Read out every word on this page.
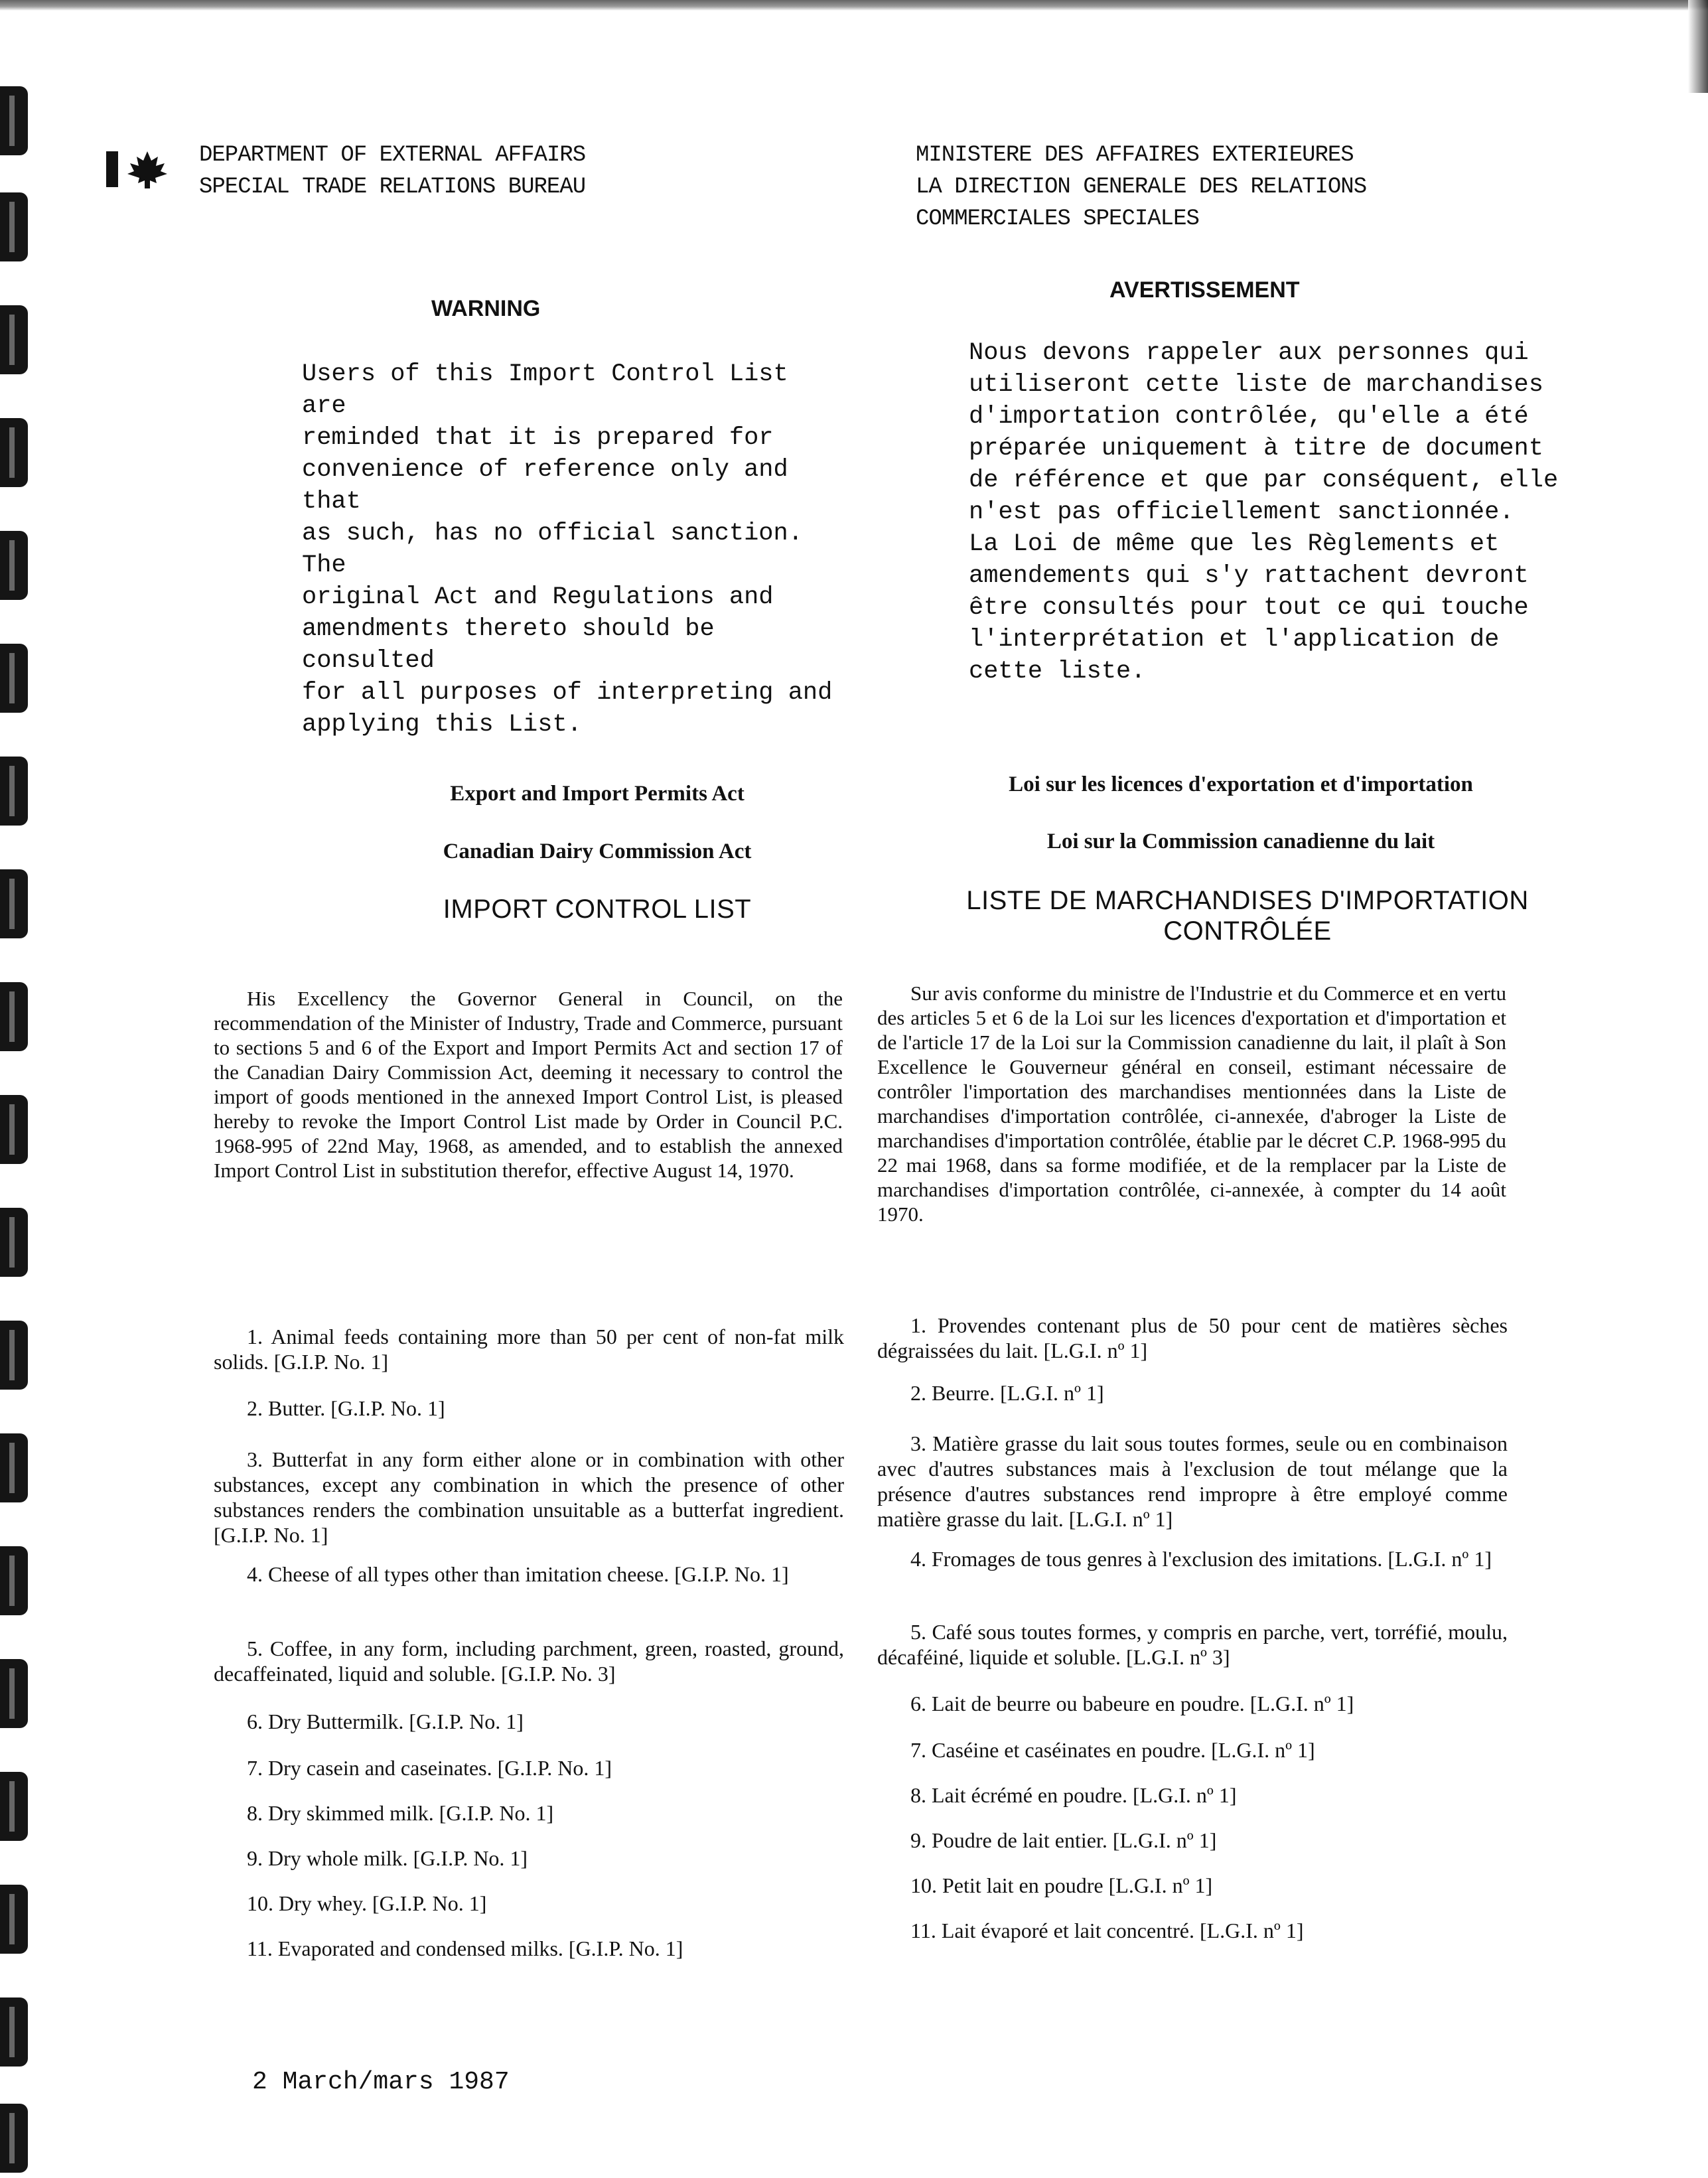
DEPARTMENT OF EXTERNAL AFFAIRS
SPECIAL TRADE RELATIONS BUREAU
MINISTERE DES AFFAIRES EXTERIEURES
LA DIRECTION GENERALE DES RELATIONS
COMMERCIALES SPECIALES
WARNING
Users of this Import Control List are
reminded that it is prepared for
convenience of reference only and that
as such, has no official sanction. The
original Act and Regulations and
amendments thereto should be consulted
for all purposes of interpreting and
applying this List.
AVERTISSEMENT
Nous devons rappeler aux personnes qui
utiliseront cette liste de marchandises
d'importation contrôlée, qu'elle a été
préparée uniquement à titre de document
de référence et que par conséquent, elle
n'est pas officiellement sanctionnée.
La Loi de même que les Règlements et
amendements qui s'y rattachent devront
être consultés pour tout ce qui touche
l'interprétation et l'application de
cette liste.
Export and Import Permits Act
Canadian Dairy Commission Act
Loi sur les licences d'exportation et d'importation
Loi sur la Commission canadienne du lait
IMPORT CONTROL LIST	LISTE DE MARCHANDISES D'IMPORTATION
CONTRÔLÉE

His Excellency the Governor General in Council, on the recommendation of the Minister of Industry, Trade and Commerce, pursuant to sections 5 and 6 of the Export and Import Permits Act and section 17 of the Canadian Dairy Commission Act, deeming it necessary to control the import of goods mentioned in the annexed Import Control List, is pleased hereby to revoke the Import Control List made by Order in Council P.C. 1968-995 of 22nd May, 1968, as amended, and to establish the annexed Import Control List in substitution therefor, effective August 14, 1970.

Sur avis conforme du ministre de l'Industrie et du Commerce et en vertu des articles 5 et 6 de la Loi sur les licences d'exportation et d'importation et de l'article 17 de la Loi sur la Commission canadienne du lait, il plaît à Son Excellence le Gouverneur général en conseil, estimant nécessaire de contrôler l'importation des marchandises mentionnées dans la Liste de marchandises d'importation contrôlée, ci-annexée, d'abroger la Liste de marchandises d'importation contrôlée, établie par le décret C.P. 1968-995 du 22 mai 1968, dans sa forme modifiée, et de la remplacer par la Liste de marchandises d'importation contrôlée, ci-annexée, à compter du 14 août 1970.

1. Animal feeds containing more than 50 per cent of non-fat milk solids. [G.I.P. No. 1]
2. Butter. [G.I.P. No. 1]
3. Butterfat in any form either alone or in combination with other substances, except any combination in which the presence of other substances renders the combination unsuitable as a butterfat ingredient. [G.I.P. No. 1]
4. Cheese of all types other than imitation cheese. [G.I.P. No. 1]
5. Coffee, in any form, including parchment, green, roasted, ground, decaffeinated, liquid and soluble. [G.I.P. No. 3]
6. Dry Buttermilk. [G.I.P. No. 1]
7. Dry casein and caseinates. [G.I.P. No. 1]
8. Dry skimmed milk. [G.I.P. No. 1]
9. Dry whole milk. [G.I.P. No. 1]
10. Dry whey. [G.I.P. No. 1]
11. Evaporated and condensed milks. [G.I.P. No. 1]
1. Provendes contenant plus de 50 pour cent de matières sèches dégraissées du lait. [L.G.I. nº 1]
2. Beurre. [L.G.I. nº 1]
3. Matière grasse du lait sous toutes formes, seule ou en combinaison avec d'autres substances mais à l'exclusion de tout mélange que la présence d'autres substances rend impropre à être employé comme matière grasse du lait. [L.G.I. nº 1]
4. Fromages de tous genres à l'exclusion des imitations. [L.G.I. nº 1]
5. Café sous toutes formes, y compris en parche, vert, torréfié, moulu, décaféiné, liquide et soluble. [L.G.I. nº 3]
6. Lait de beurre ou babeure en poudre. [L.G.I. nº 1]
7. Caséine et caséinates en poudre. [L.G.I. nº 1]
8. Lait écrémé en poudre. [L.G.I. nº 1]
9. Poudre de lait entier. [L.G.I. nº 1]
10. Petit lait en poudre [L.G.I. nº 1]
11. Lait évaporé et lait concentré. [L.G.I. nº 1]
2 March/mars 1987
